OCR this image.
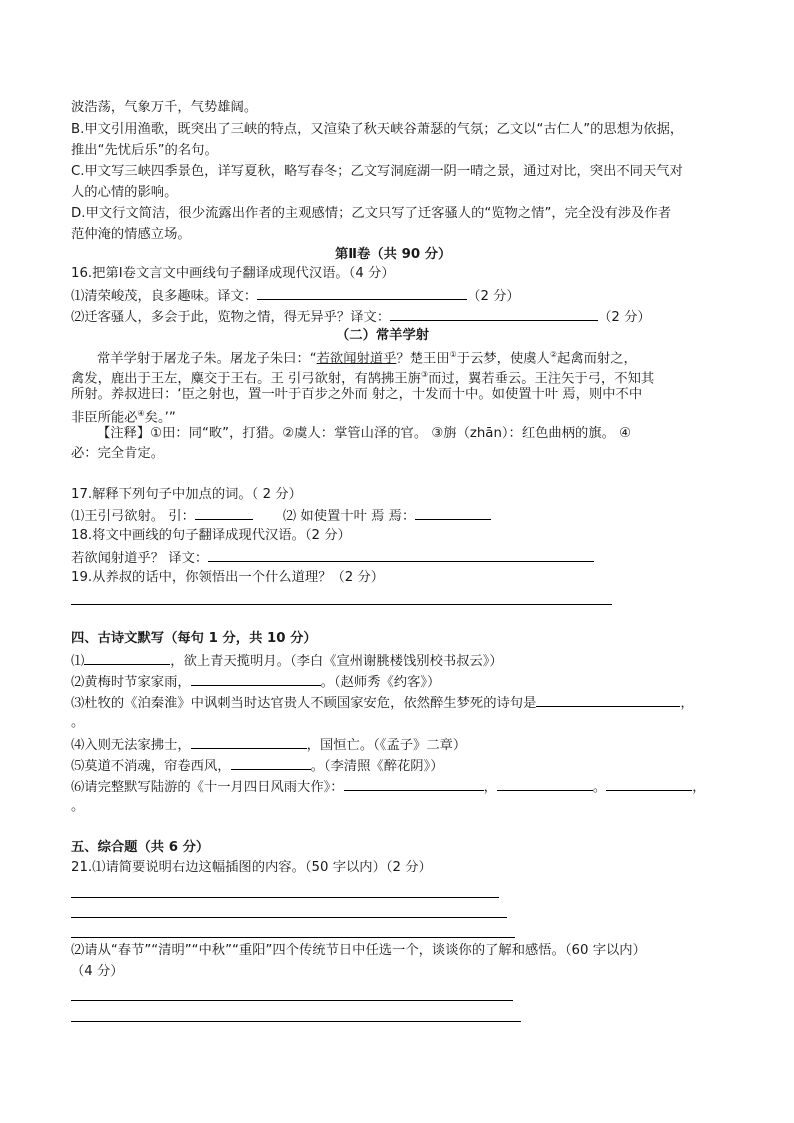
波浩荡，气象万千，气势雄阔。
B.甲文引用渔歌，既突出了三峡的特点，又渲染了秋天峡谷萧瑟的气氛；乙文以“古仁人”的思想为依据，
推出“先忧后乐”的名句。
C.甲文写三峡四季景色，详写夏秋，略写春冬；乙文写洞庭湖一阴一晴之景，通过对比，突出不同天气对
人的心情的影响。
D.甲文行文简洁，很少流露出作者的主观感情；乙文只写了迁客骚人的“览物之情”，完全没有涉及作者
范仲淹的情感立场。
第Ⅱ卷（共 90 分）
16.把第Ⅰ卷文言文中画线句子翻译成现代汉语。（4 分）
⑴清荣峻茂，良多趣味。译文：	（2 分）
⑵迁客骚人，多会于此，览物之情，得无异乎？译文：	（2 分）
（二）常羊学射
常羊学射于屠龙子朱。屠龙子朱曰：“若欲闻射道乎？楚王田①于云梦，使虞人②起禽而射之，
禽发，鹿出于王左，麋交于王右。王 引弓欲射，有鹄拂王旃③而过，翼若垂云。王注矢于弓，不知其
所射。养叔进曰：‘臣之射也，置一叶于百步之外而 射之，十发而十中。如使置十叶 焉，则中不中
非臣所能必④矣。’”
【注释】①田：同“畋”，打猎。②虞人：掌管山泽的官。 ③旃（zhān）：红色曲柄的旗。 ④
必：完全肯定。
17.解释下列句子中加点的词。（ 2 分）
⑴王引弓欲射。 引：	⑵ 如使置十叶 焉 焉：
18.将文中画线的句子翻译成现代汉语。（2 分）
若欲闻射道乎？ 译文：
19.从养叔的话中，你领悟出一个什么道理？（2 分）
四、古诗文默写（每句 1 分，共 10 分）
⑴	，欲上青天揽明月。（李白《宣州谢脁楼饯别校书叔云》）
⑵黄梅时节家家雨，	。（赵师秀《约客》）
⑶杜牧的《泊秦淮》中讽刺当时达官贵人不顾国家安危，依然醉生梦死的诗句是	，
。
⑷入则无法家拂士，	，国恒亡。（《孟子》二章）
⑸莫道不消魂，帘卷西风，	。（李清照《醉花阴》）
⑹请完整默写陆游的《十一月四日风雨大作》：	，	。	，
。
五、综合题（共 6 分）
21.⑴请简要说明右边这幅插图的内容。（50 字以内）（2 分）
⑵请从“春节”“清明”“中秋”“重阳”四个传统节日中任选一个，谈谈你的了解和感悟。（60 字以内）
（4 分）
